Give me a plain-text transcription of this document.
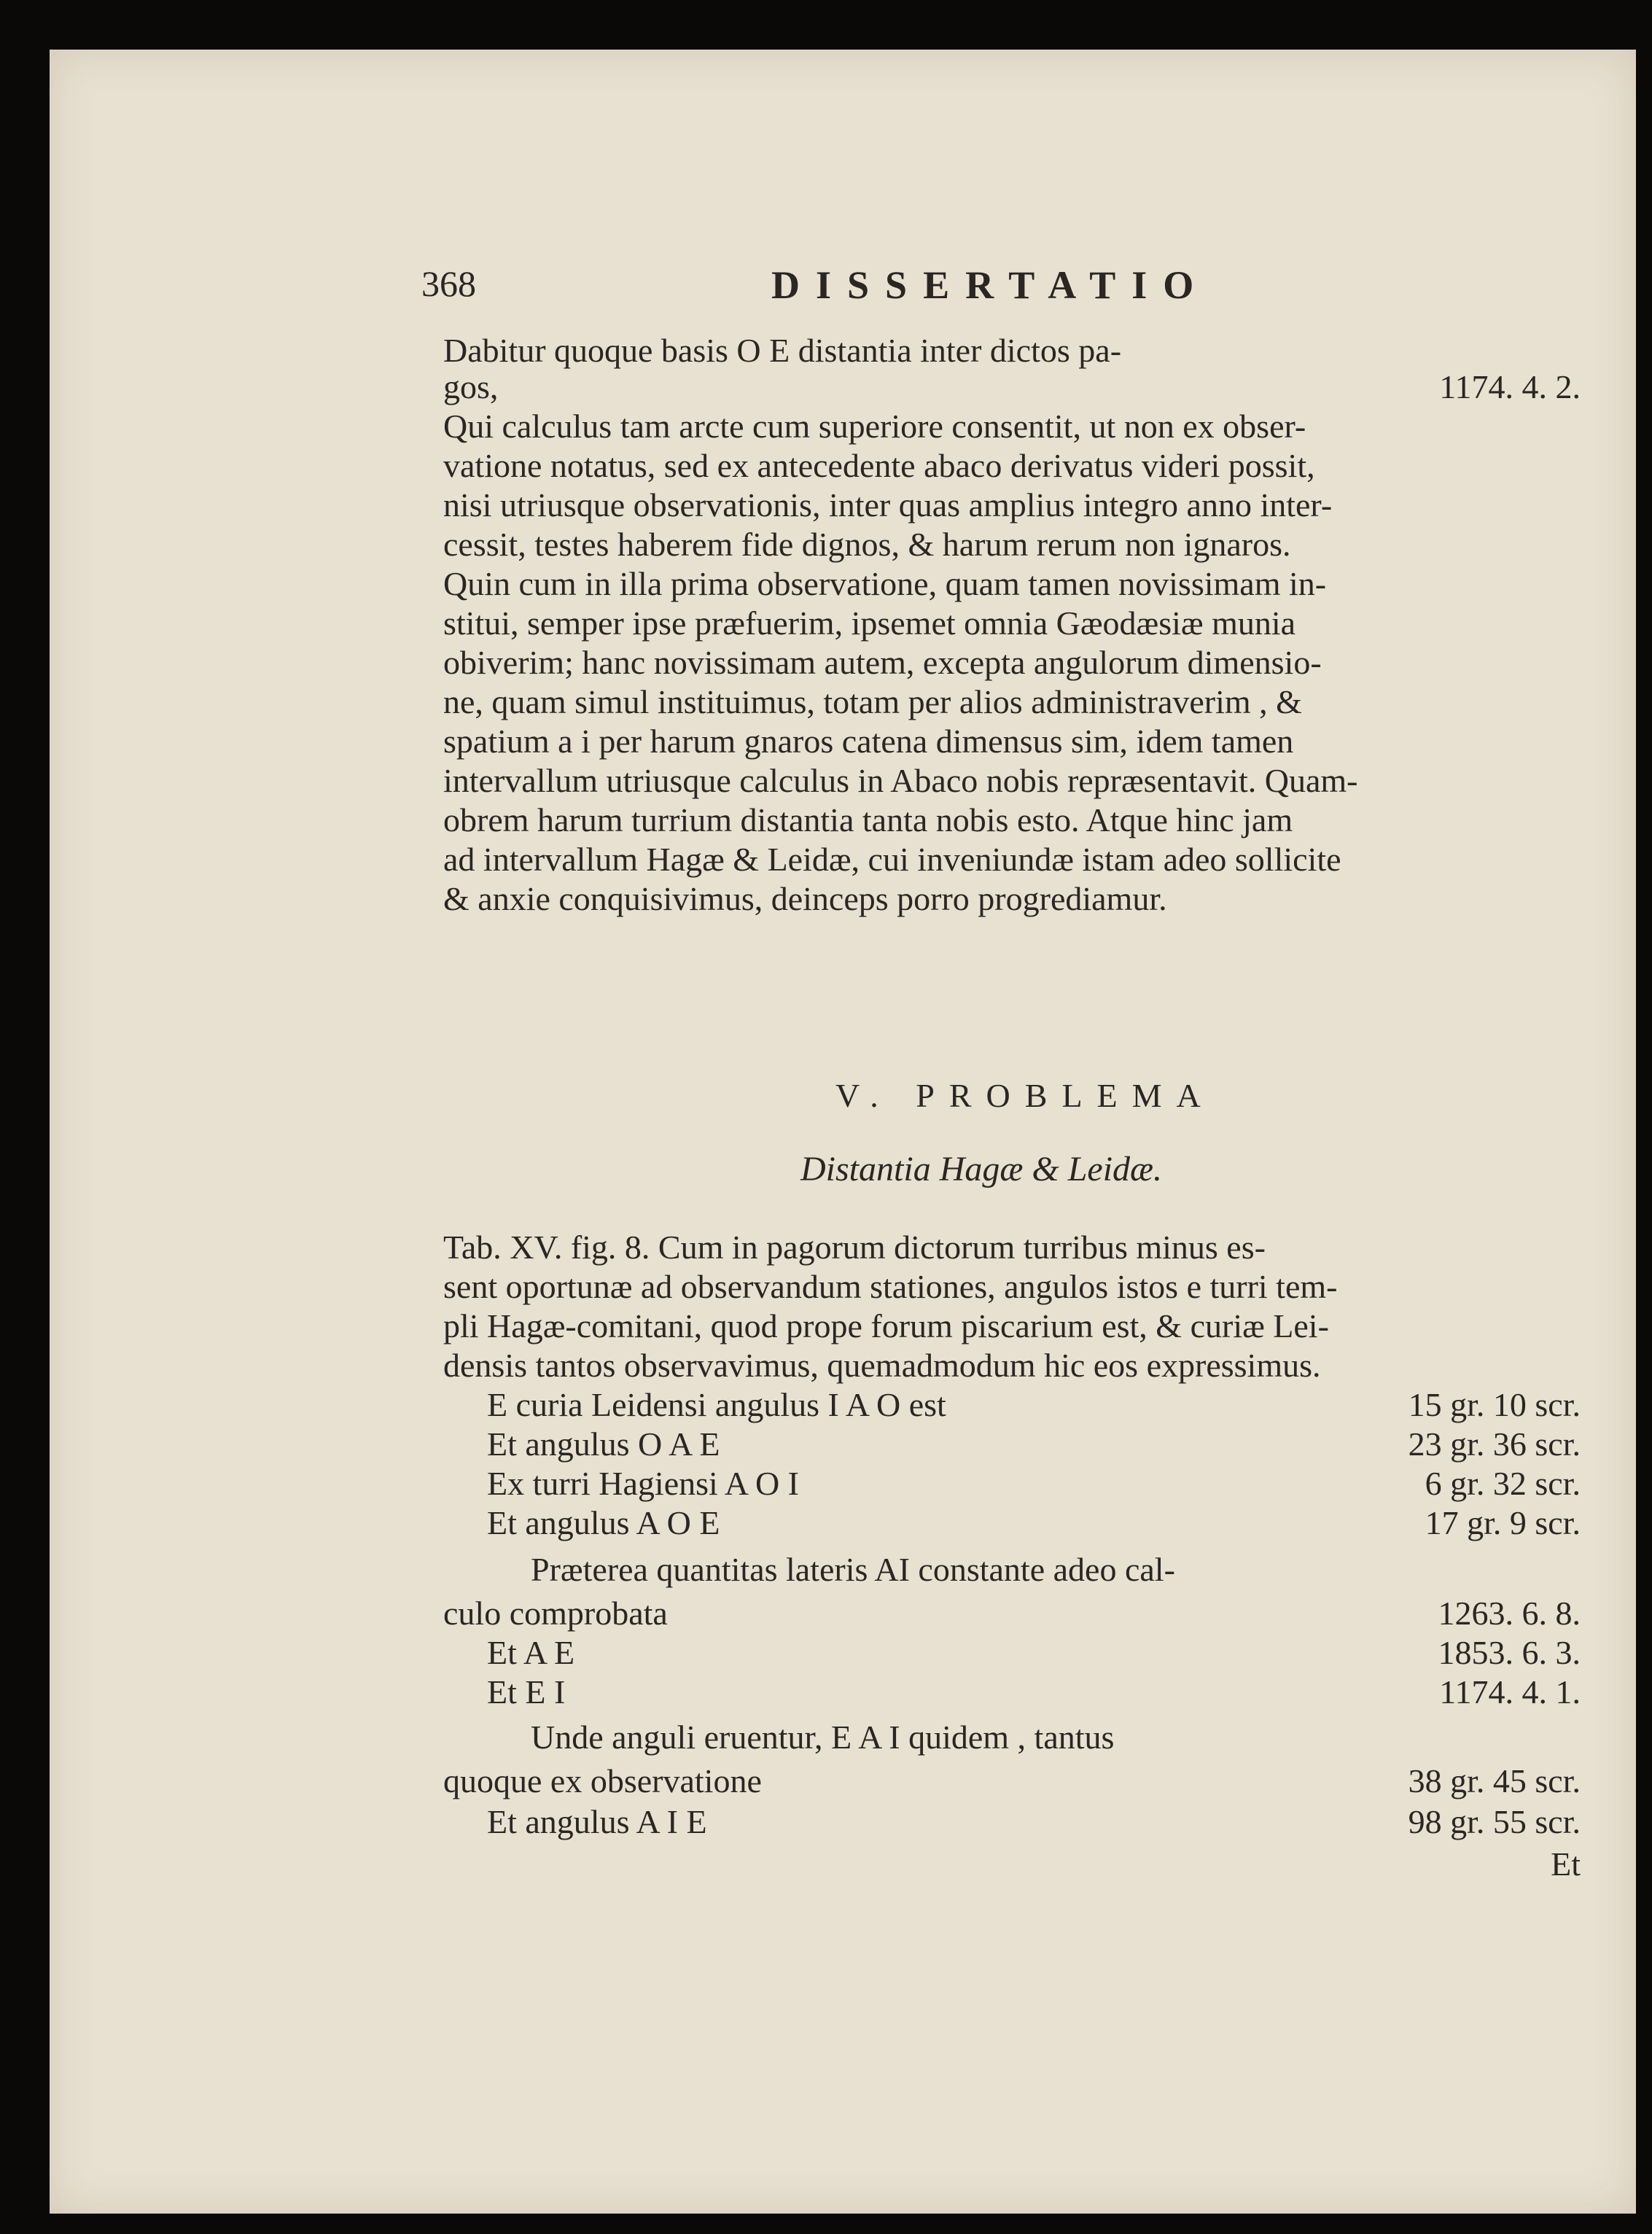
368	DISSERTATIO
Dabitur quoque basis O E distantia inter dictos pa-
gos,	1174. 4. 2.
Qui calculus tam arcte cum superiore consentit, ut non ex obser-
vatione notatus, sed ex antecedente abaco derivatus videri possit,
nisi utriusque observationis, inter quas amplius integro anno inter-
cessit, testes haberem fide dignos, & harum rerum non ignaros.
Quin cum in illa prima observatione, quam tamen novissimam in-
stitui, semper ipse præfuerim, ipsemet omnia Gæodæsiæ munia
obiverim; hanc novissimam autem, excepta angulorum dimensio-
ne, quam simul instituimus, totam per alios administraverim , &
spatium a i per harum gnaros catena dimensus sim, idem tamen
intervallum utriusque calculus in Abaco nobis repræsentavit. Quam-
obrem harum turrium distantia tanta nobis esto. Atque hinc jam
ad intervallum Hagæ & Leidæ, cui inveniundæ istam adeo sollicite
& anxie conquisivimus, deinceps porro progrediamur.
V. PROBLEMA
Distantia Hagæ & Leidæ.
Tab. XV. fig. 8. Cum in pagorum dictorum turribus minus es-
sent oportunæ ad observandum stationes, angulos istos e turri tem-
pli Hagæ-comitani, quod prope forum piscarium est, & curiæ Lei-
densis tantos observavimus, quemadmodum hic eos expressimus.
E curia Leidensi angulus I A O est	15 gr. 10 scr.
Et angulus O A E	23 gr. 36 scr.
Ex turri Hagiensi A O I	6 gr. 32 scr.
Et angulus A O E	17 gr. 9 scr.
Præterea quantitas lateris AI constante adeo cal-
culo comprobata	1263. 6. 8.
Et A E	1853. 6. 3.
Et E I	1174. 4. 1.
Unde anguli eruentur, E A I quidem , tantus
quoque ex observatione	38 gr. 45 scr.
Et angulus A I E	98 gr. 55 scr.
Et
